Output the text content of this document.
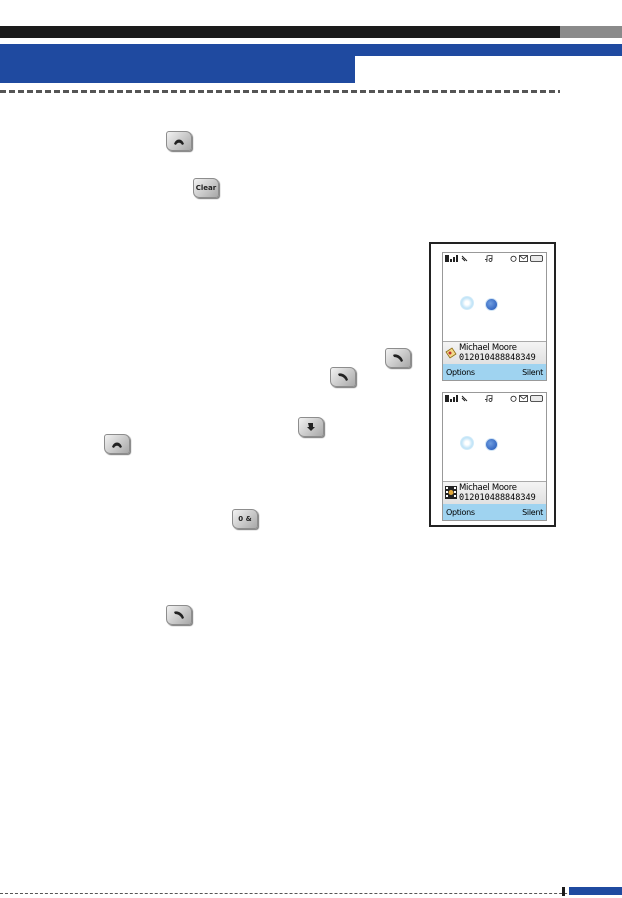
Clear
0 &
Michael Moore
012010488848349
Options	Silent
Michael Moore
012010488848349
Options	Silent
